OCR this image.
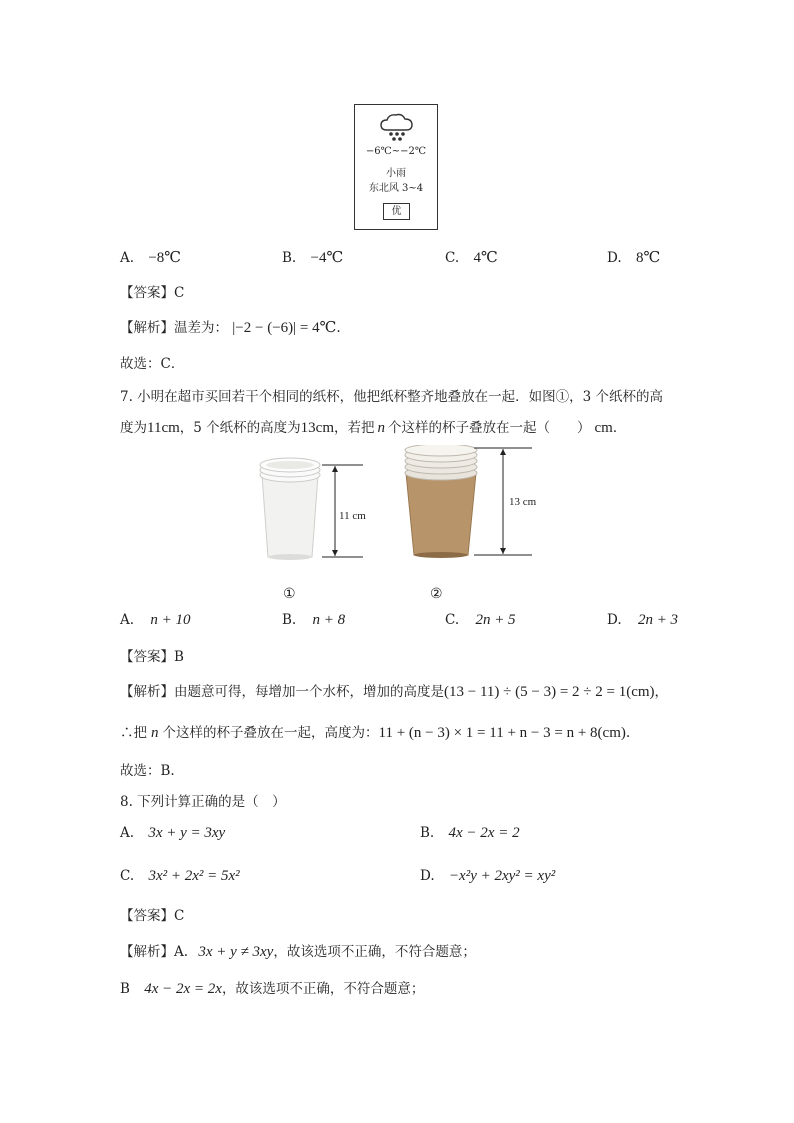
−6℃~−2℃
小雨
东北风 3~4
优
A. −8℃	B. −4℃	C. 4℃	D. 8℃
【答案】C
【解析】温差为： |−2 − (−6)| = 4℃.
故选：C．
7. 小明在超市买回若干个相同的纸杯，他把纸杯整齐地叠放在一起．如图①，3 个纸杯的高
度为11cm，5 个纸杯的高度为13cm，若把 n 个这样的杯子叠放在一起（　　） cm．
11 cm
13 cm
①	②
A. n + 10	B. n + 8	C. 2n + 5	D. 2n + 3
【答案】B
【解析】由题意可得，每增加一个水杯，增加的高度是(13 − 11) ÷ (5 − 3) = 2 ÷ 2 = 1(cm)，
∴把 n 个这样的杯子叠放在一起，高度为：11 + (n − 3) × 1 = 11 + n − 3 = n + 8(cm).
故选：B.
8. 下列计算正确的是（　）
A. 3x + y = 3xy	B. 4x − 2x = 2
C. 3x² + 2x² = 5x²	D. −x²y + 2xy² = xy²
【答案】C
【解析】A. 3x + y ≠ 3xy，故该选项不正确，不符合题意；
B 4x − 2x = 2x，故该选项不正确，不符合题意；
